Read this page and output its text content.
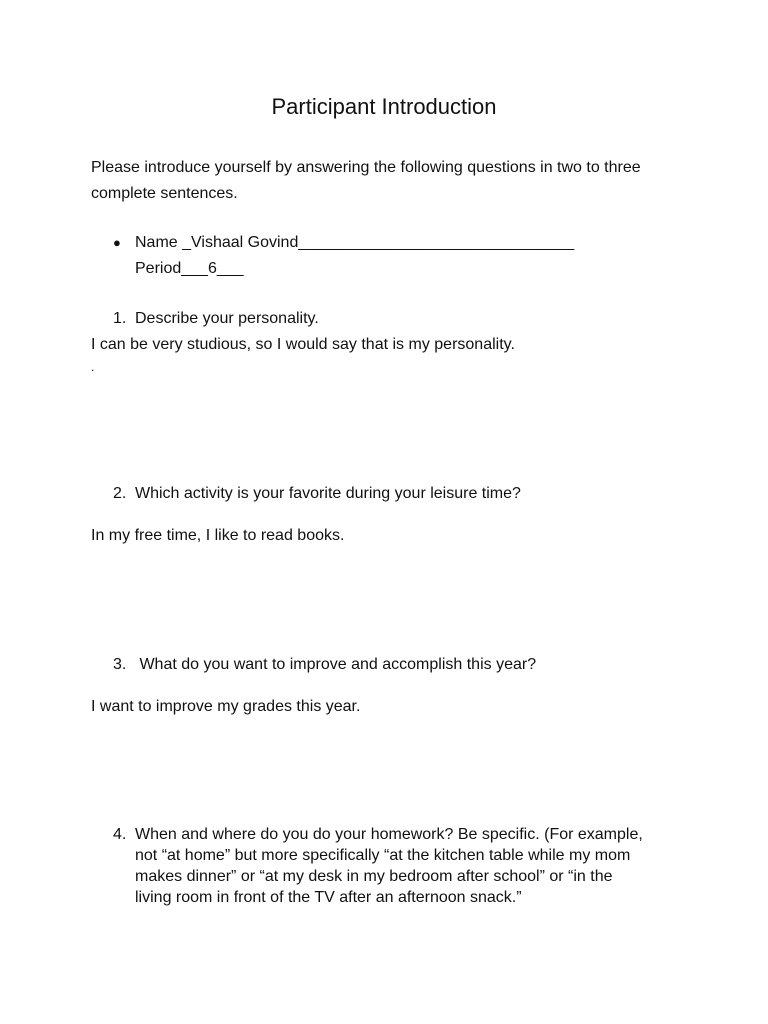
Participant Introduction
Please introduce yourself by answering the following questions in two to three complete sentences.
● Name _Vishaal Govind_______________________________
Period___6___
1. Describe your personality.
I can be very studious, so I would say that is my personality.
.
2. Which activity is your favorite during your leisure time?
In my free time, I like to read books.
3. What do you want to improve and accomplish this year?
I want to improve my grades this year.
4. When and where do you do your homework? Be specific. (For example, not “at home” but more specifically “at the kitchen table while my mom makes dinner” or “at my desk in my bedroom after school” or “in the living room in front of the TV after an afternoon snack.”
